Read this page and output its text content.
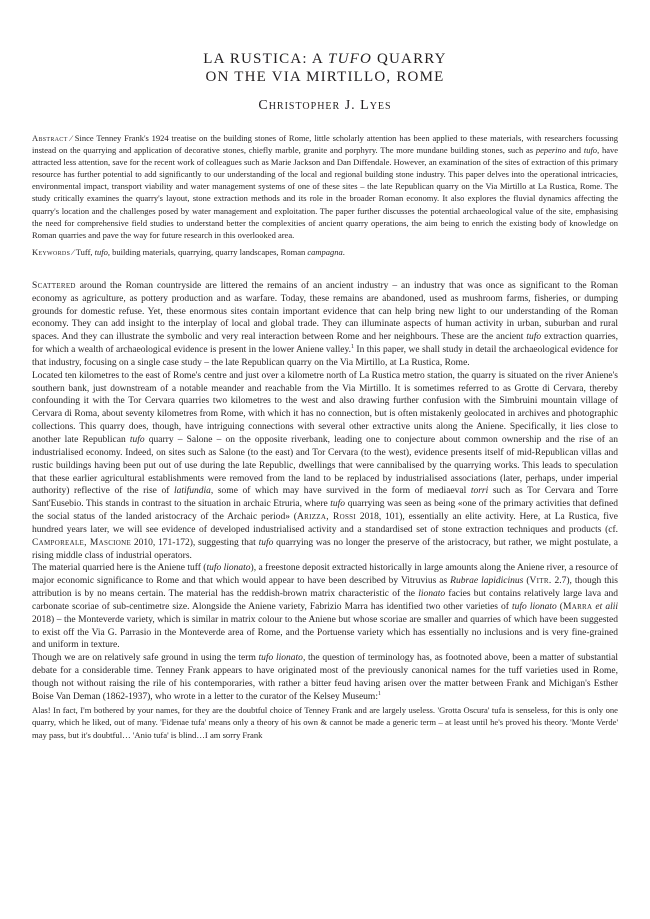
LA RUSTICA: A TUFO QUARRY
ON THE VIA MIRTILLO, ROME
Christopher J. Lyes

Abstract ∕ Since Tenney Frank's 1924 treatise on the building stones of Rome, little scholarly attention has been applied to these materials, with researchers focussing instead on the quarrying and application of decorative stones, chiefly marble, granite and porphyry. The more mundane building stones, such as peperino and tufo, have attracted less attention, save for the recent work of colleagues such as Marie Jackson and Dan Diffendale. However, an examination of the sites of extraction of this primary resource has further potential to add significantly to our understanding of the local and regional building stone industry. This paper delves into the operational intricacies, environmental impact, transport viability and water management systems of one of these sites – the late Republican quarry on the Via Mirtillo at La Rustica, Rome. The study critically examines the quarry's layout, stone extraction methods and its role in the broader Roman economy. It also explores the fluvial dynamics affecting the quarry's location and the challenges posed by water management and exploitation. The paper further discusses the potential archaeological value of the site, emphasising the need for comprehensive field studies to understand better the complexities of ancient quarry operations, the aim being to enrich the existing body of knowledge on Roman quarries and pave the way for future research in this overlooked area.

Keywords ∕ Tuff, tufo, building materials, quarrying, quarry landscapes, Roman campagna.

Scattered around the Roman countryside are littered the remains of an ancient industry – an industry that was once as significant to the Roman economy as agriculture, as pottery production and as warfare. Today, these remains are abandoned, used as mushroom farms, fisheries, or dumping grounds for domestic refuse. Yet, these enormous sites contain important evidence that can help bring new light to our understanding of the Roman economy. They can add insight to the interplay of local and global trade. They can illuminate aspects of human activity in urban, suburban and rural spaces. And they can illustrate the symbolic and very real interaction between Rome and her neighbours. These are the ancient tufo extraction quarries, for which a wealth of archaeological evidence is present in the lower Aniene valley.$^1$ In this paper, we shall study in detail the archaeological evidence for that industry, focusing on a single case study – the late Republican quarry on the Via Mirtillo, at La Rustica, Rome.

Located ten kilometres to the east of Rome's centre and just over a kilometre north of La Rustica metro station, the quarry is situated on the river Aniene's southern bank, just downstream of a notable meander and reachable from the Via Mirtillo. It is sometimes referred to as Grotte di Cervara, thereby confounding it with the Tor Cervara quarries two kilometres to the west and also drawing further confusion with the Simbruini mountain village of Cervara di Roma, about seventy kilometres from Rome, with which it has no connection, but is often mistakenly geolocated in archives and photographic collections. This quarry does, though, have intriguing connections with several other extractive units along the Aniene. Specifically, it lies close to another late Republican tufo quarry – Salone – on the opposite riverbank, leading one to conjecture about common ownership and the rise of an industrialised economy. Indeed, on sites such as Salone (to the east) and Tor Cervara (to the west), evidence presents itself of mid-Republican villas and rustic buildings having been put out of use during the late Republic, dwellings that were cannibalised by the quarrying works. This leads to speculation that these earlier agricultural establishments were removed from the land to be replaced by industrialised associations (later, perhaps, under imperial authority) reflective of the rise of latifundia, some of which may have survived in the form of mediaeval torri such as Tor Cervara and Torre Sant'Eusebio. This stands in contrast to the situation in archaic Etruria, where tufo quarrying was seen as being «one of the primary activities that defined the social status of the landed aristocracy of the Archaic period» (Arizza, Rossi 2018, 101), essentially an elite activity. Here, at La Rustica, five hundred years later, we will see evidence of developed industrialised activity and a standardised set of stone extraction techniques and products (cf. Camporeale, Mascione 2010, 171-172), suggesting that tufo quarrying was no longer the preserve of the aristocracy, but rather, we might postulate, a rising middle class of industrial operators.

The material quarried here is the Aniene tuff (tufo lionato), a freestone deposit extracted historically in large amounts along the Aniene river, a resource of major economic significance to Rome and that which would appear to have been described by Vitruvius as Rubrae lapidicinus (Vitr. 2.7), though this attribution is by no means certain. The material has the reddish-brown matrix characteristic of the lionato facies but contains relatively large lava and carbonate scoriae of sub-centimetre size. Alongside the Aniene variety, Fabrizio Marra has identified two other varieties of tufo lionato (Marra et alii 2018) – the Monteverde variety, which is similar in matrix colour to the Aniene but whose scoriae are smaller and quarries of which have been suggested to exist off the Via G. Parrasio in the Monteverde area of Rome, and the Portuense variety which has essentially no inclusions and is very fine-grained and uniform in texture.

Though we are on relatively safe ground in using the term tufo lionato, the question of terminology has, as footnoted above, been a matter of substantial debate for a considerable time. Tenney Frank appears to have originated most of the previously canonical names for the tuff varieties used in Rome, though not without raising the rile of his contemporaries, with rather a bitter feud having arisen over the matter between Frank and Michigan's Esther Boise Van Deman (1862-1937), who wrote in a letter to the curator of the Kelsey Museum:$^1$

Alas! In fact, I'm bothered by your names, for they are the doubtful choice of Tenney Frank and are largely useless. 'Grotta Oscura' tufa is senseless, for this is only one quarry, which he liked, out of many. 'Fidenae tufa' means only a theory of his own & cannot be made a generic term – at least until he's proved his theory. 'Monte Verde' may pass, but it's doubtful… 'Anio tufa' is blind…I am sorry Frank
